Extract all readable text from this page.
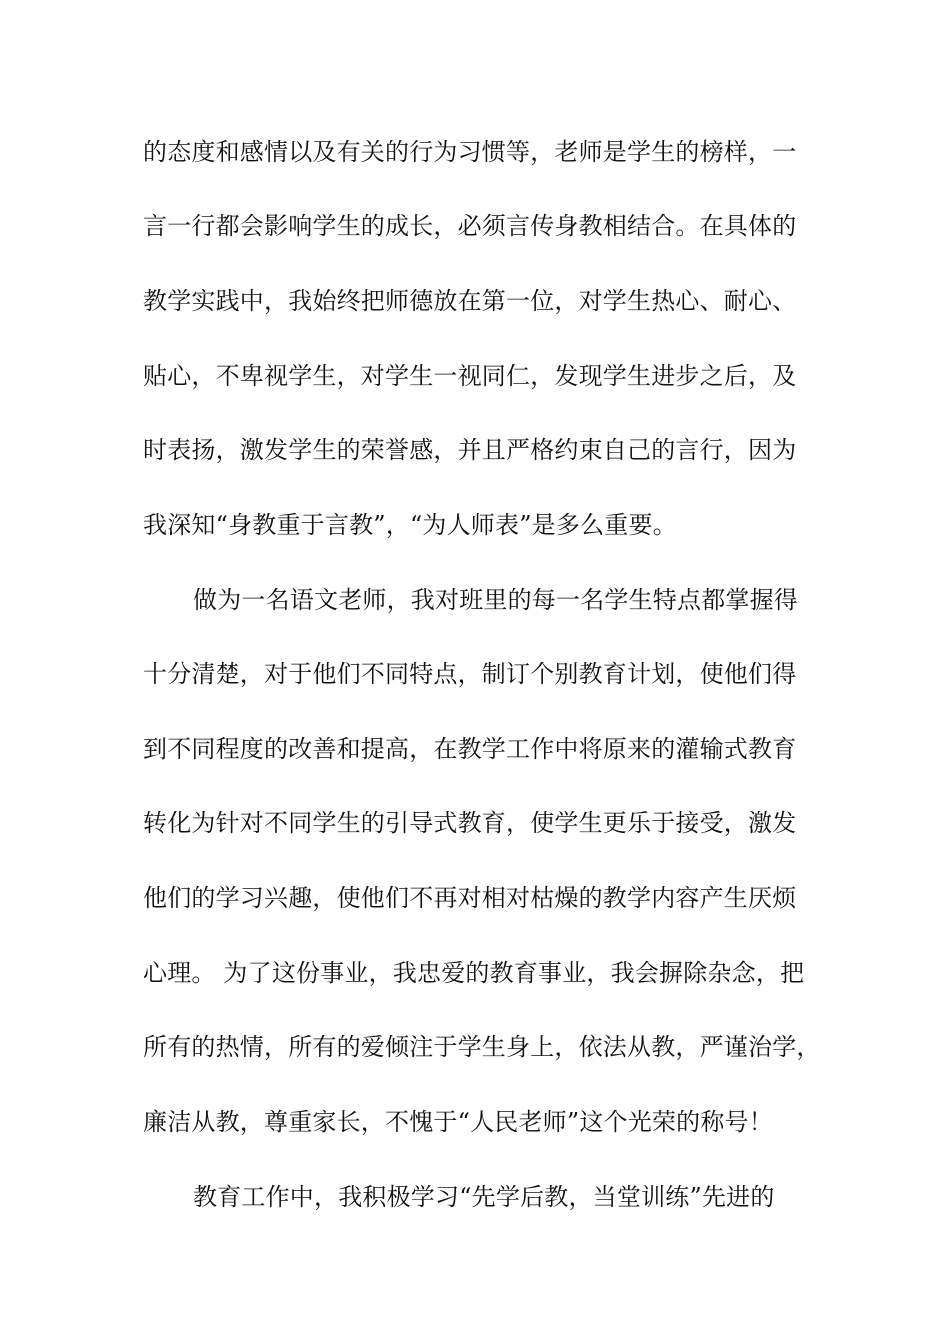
的态度和感情以及有关的行为习惯等，老师是学生的榜样，一
言一行都会影响学生的成长，必须言传身教相结合。在具体的
教学实践中，我始终把师德放在第一位，对学生热心、耐心、
贴心，不卑视学生，对学生一视同仁，发现学生进步之后，及
时表扬，激发学生的荣誉感，并且严格约束自己的言行，因为
我深知“身教重于言教”，“为人师表”是多么重要。
做为一名语文老师，我对班里的每一名学生特点都掌握得
十分清楚，对于他们不同特点，制订个别教育计划，使他们得
到不同程度的改善和提高，在教学工作中将原来的灌输式教育
转化为针对不同学生的引导式教育，使学生更乐于接受，激发
他们的学习兴趣，使他们不再对相对枯燥的教学内容产生厌烦
心理。 为了这份事业，我忠爱的教育事业，我会摒除杂念，把
所有的热情，所有的爱倾注于学生身上，依法从教，严谨治学，
廉洁从教，尊重家长，不愧于“人民老师”这个光荣的称号！
教育工作中，我积极学习“先学后教，当堂训练”先进的
